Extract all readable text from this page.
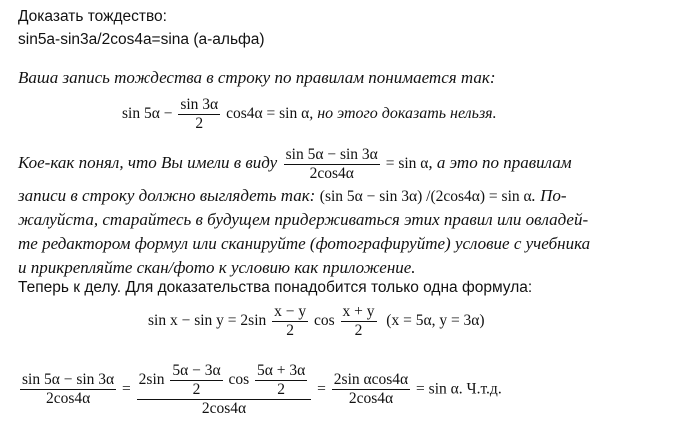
Доказать тождество:
sin5a-sin3a/2cos4a=sina (a-альфа)
Ваша запись тождества в строку по правилам понимается так:
$\sin 5\alpha - \frac{\sin 3\alpha}{2} \cos 4\alpha = \sin \alpha$, но этого доказать нельзя.
Кое-как понял, что Вы имели в виду $\frac{\sin 5\alpha - \sin 3\alpha}{2\cos 4\alpha} = \sin \alpha$, а это по правилам
записи в строку должно выглядеть так: (sin 5α − sin 3α) /(2cos4α) = sin α. По-
жалуйста, старайтесь в будущем придерживаться этих правил или овладей-
те редактором формул или сканируйте (фотографируйте) условие с учебника
и прикрепляйте скан/фото к условию как приложение.
Теперь к делу. Для доказательства понадобится только одна формула:
$\sin x - \sin y = 2\sin \frac{x - y}{2}$ $\cos \frac{x + y}{2} (x = 5\alpha$, y = 3α)
$\frac{\sin 5\alpha - \sin 3\alpha}{2\cos 4\alpha}$ =
$2\sin \frac{5\alpha - 3\alpha}{2}$ $\cos \frac{5\alpha + 3\alpha}{2}$
2cos4α
= $\frac{\text{2sin αcos4α}}{2\cos 4\alpha} = \sin \alpha$. Ч.т.д.
